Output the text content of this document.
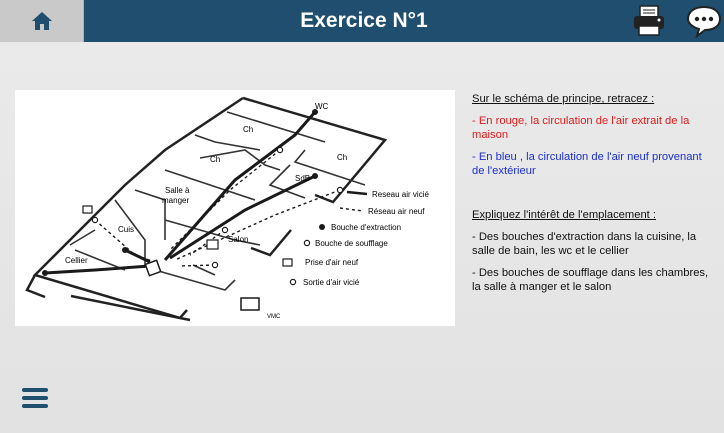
Exercice N°1
WC
Ch
Ch	Ch
SdB
Salle à
manger
Cuis
Salon
Cellier
VMC
Reseau air vicié
Réseau air neuf
Bouche d'extraction
Bouche de soufflage
Prise d'air neuf
Sortie d'air vicié

Sur le schéma de principe, retracez :

- En rouge, la circulation de l'air extrait de la maison

- En bleu , la circulation de l'air neuf provenant de l'extérieur

Expliquez l'intérêt de l'emplacement :

- Des bouches d'extraction dans la cuisine, la salle de bain, les wc et le cellier

- Des bouches de soufflage dans les chambres, la salle à manger et le salon
